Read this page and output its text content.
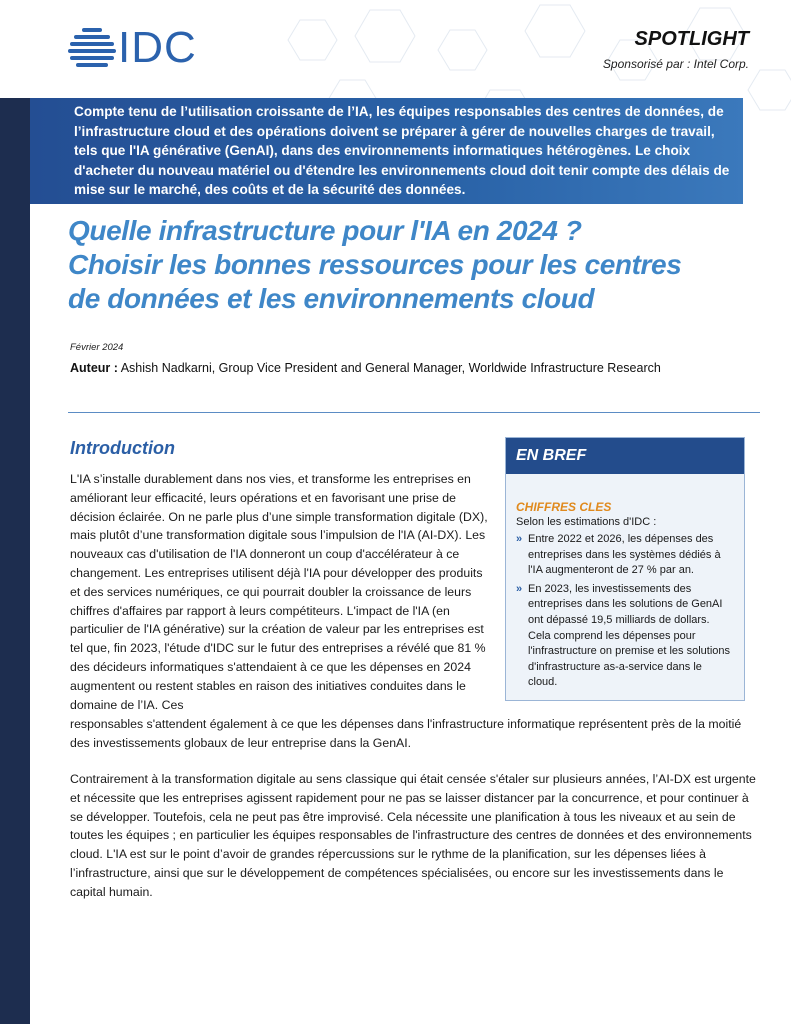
IDC	SPOTLIGHT
Sponsorisé par : Intel Corp.

Compte tenu de l’utilisation croissante de l’IA, les équipes responsables des centres de données, de l’infrastructure cloud et des opérations doivent se préparer à gérer de nouvelles charges de travail, tels que l'IA générative (GenAI), dans des environnements informatiques hétérogènes. Le choix d'acheter du nouveau matériel ou d'étendre les environnements cloud doit tenir compte des délais de mise sur le marché, des coûts et de la sécurité des données.

Quelle infrastructure pour l'IA en 2024 ?
Choisir les bonnes ressources pour les centres
de données et les environnements cloud
Février 2024
Auteur : Ashish Nadkarni, Group Vice President and General Manager, Worldwide Infrastructure Research
Introduction
L'IA s’installe durablement dans nos vies, et transforme les entreprises en améliorant leur efficacité, leurs opérations et en favorisant une prise de décision éclairée. On ne parle plus d’une simple transformation digitale (DX), mais plutôt d’une transformation digitale sous l’impulsion de l'IA (AI-DX). Les nouveaux cas d'utilisation de l'IA donneront un coup d'accélérateur à ce changement. Les entreprises utilisent déjà l'IA pour développer des produits et des services numériques, ce qui pourrait doubler la croissance de leurs chiffres d'affaires par rapport à leurs compétiteurs. L'impact de l'IA (en particulier de l'IA générative) sur la création de valeur par les entreprises est tel que, fin 2023, l'étude d'IDC sur le futur des entreprises a révélé que 81 % des décideurs informatiques s'attendaient à ce que les dépenses en 2024 augmentent ou restent stables en raison des initiatives conduites dans le domaine de l’IA. Ces
responsables s'attendent également à ce que les dépenses dans l'infrastructure informatique représentent près de la moitié des investissements globaux de leur entreprise dans la GenAI.
Contrairement à la transformation digitale au sens classique qui était censée s'étaler sur plusieurs années, l’AI-DX est urgente et nécessite que les entreprises agissent rapidement pour ne pas se laisser distancer par la concurrence, et pour continuer à se développer. Toutefois, cela ne peut pas être improvisé. Cela nécessite une planification à tous les niveaux et au sein de toutes les équipes ; en particulier les équipes responsables de l'infrastructure des centres de données et des environnements cloud. L'IA est sur le point d’avoir de grandes répercussions sur le rythme de la planification, sur les dépenses liées à l’infrastructure, ainsi que sur le développement de compétences spécialisées, ou encore sur les investissements dans le capital humain.
EN BREF
CHIFFRES CLES
Selon les estimations d'IDC :
» Entre 2022 et 2026, les dépenses des entreprises dans les systèmes dédiés à l'IA augmenteront de 27 % par an.
» En 2023, les investissements des entreprises dans les solutions de GenAI ont dépassé 19,5 milliards de dollars. Cela comprend les dépenses pour l'infrastructure on premise et les solutions d'infrastructure as-a-service dans le cloud.
